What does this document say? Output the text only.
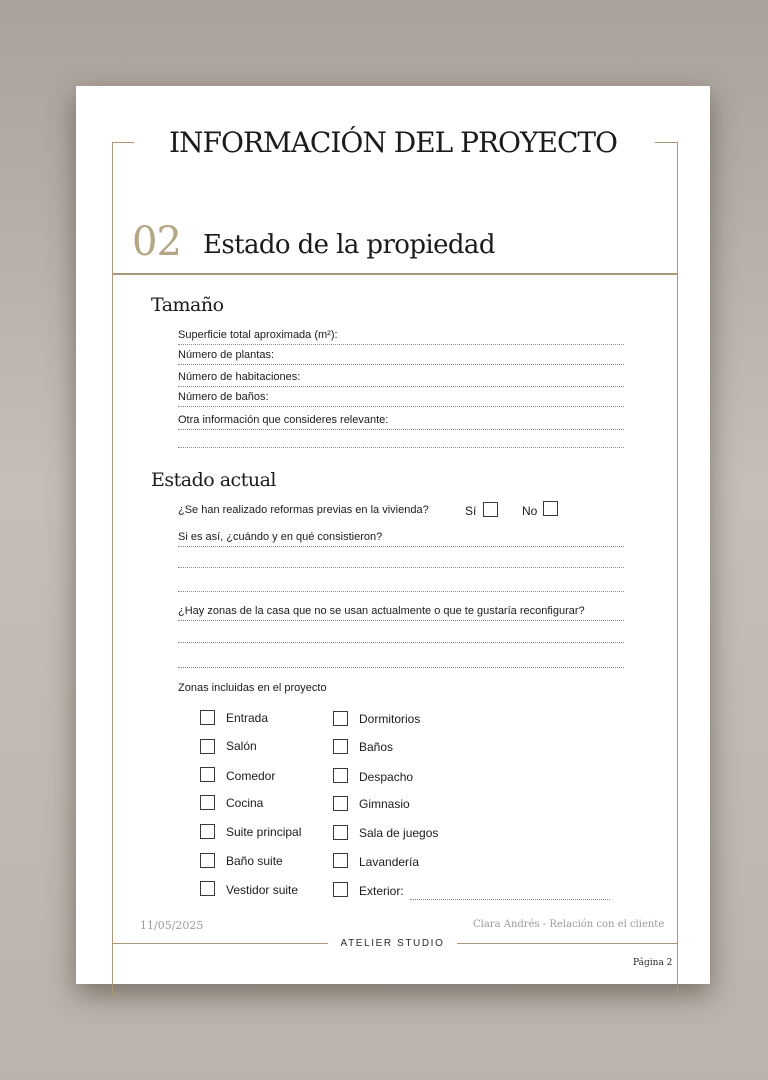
INFORMACIÓN DEL PROYECTO
02 Estado de la propiedad
Tamaño
Superficie total aproximada (m²):
Número de plantas:
Número de habitaciones:
Número de baños:
Otra información que consideres relevante:
Estado actual
¿Se han realizado reformas previas en la vivienda?	Sí	No
Si es así, ¿cuándo y en qué consistieron?
¿Hay zonas de la casa que no se usan actualmente o que te gustaría reconfigurar?
Zonas incluidas en el proyecto
Entrada
Salón
Comedor
Cocina
Suite principal
Baño suite
Vestidor suite
Dormitorios
Baños
Despacho
Gimnasio
Sala de juegos
Lavandería
Exterior:
11/05/2025	Clara Andrés - Relación con el cliente
ATELIER STUDIO
Página 2
